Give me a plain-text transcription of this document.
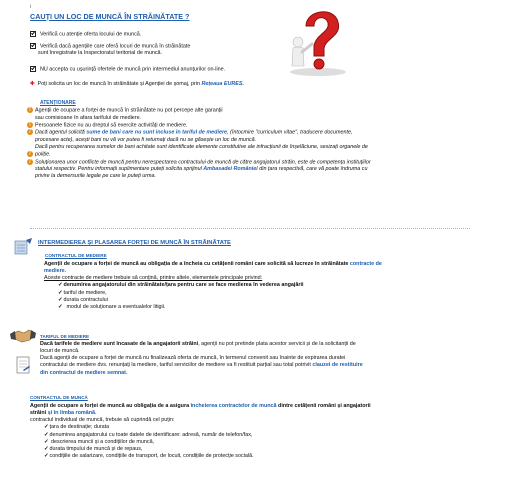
i
CAUȚI UN LOC DE MUNCĂ ÎN STRĂINĂTATE ?
Verifică cu atenție oferta locului de muncă.
Verifică dacă agențiile care oferă locuri de muncă în străinătate
sunt înregistrate la Inspectoratul teritorial de muncă.
NU accepta cu ușurință ofertele de muncă prin intermediul anunțurilor on-line.
✚ Poți solicita un loc de muncă în străinătate și Agenției de șomaj, prin Rețeaua EURES.
ATENȚIONARE
! Agenții de ocupare a forței de muncă în străinătate nu pot percepe alte garanții
sau comisioane în afara tarifului de mediere.
! Persoanele fizice nu au dreptul să exercite activități de mediere.
! Dacă agentul solicită sume de bani care nu sunt incluse în tariful de mediere, (întocmire "curriculum vitae", traducere documente,
procesare acte), acești bani nu vă vor putea fi returnați dacă nu se găsește un loc de muncă.
Dacă pentru recuperarea sumelor de bani achitate sunt identificate elemente constitutive ale infracțiunii de înșelăciune, sesizați organele de
! poliție.
! Soluționarea unor conflicte de muncă pentru nerespectarea contractului de muncă de către angajatorul străin, este de competența instituțiilor
statului respectiv. Pentru informații suplimentare puteți solicita sprijinul Ambasadei României din țara respectivă, care vă poate îndruma cu
privire la demersurile legale pe care le puteți urma.
INTERMEDIEREA ȘI PLASAREA FORȚEI DE MUNCĂ ÎN STRĂINĂTATE
CONTRACTUL DE MEDIERE
Agenții de ocupare a forței de muncă au obligația de a încheia cu cetățenii români care solicită să lucreze în străinătate contracte de
mediere.
Aceste contracte de mediere trebuie să conțină, printre altele, elementele principale privind:
✓denumirea angajatorului din străinătate/țara pentru care se face medierea în vederea angajării
✓tariful de mediere,
✓durata contractului
✓ modul de soluționare a eventualelor litigii.
TARIFUL DE MEDIERE
Dacă tarifele de mediere sunt încasate de la angajatorii străini, agenții nu pot pretinde plata acestor servicii și de la solicitanții de
locuri de muncă.
Dacă agenții de ocupare a forței de muncă nu finalizează oferta de muncă, în termenul convenit sau înainte de expirarea duratei
contractului de mediere dvs. renunțați la mediere, tariful serviciilor de mediere va fi restituit parțial sau total potrivit clauzei de restituire
din contractul de mediere semnat.
CONTRACTUL DE MUNCĂ
Agenții de ocupare a forței de muncă au obligația de a asigura încheierea contractelor de muncă dintre cetățenii români și angajatorii
străini și în limba română.
contractul individual de muncă, trebuie să cuprindă cel puțin:
✓țara de destinație; durata
✓denumirea angajatorului cu toate datele de identificare: adresă, număr de telefon/fax,
✓ descrierea muncii și a condițiilor de muncă,
✓durata timpului de muncă și de repaus,
✓condițiile de salarizare, condițiile de transport, de locuit, condițiile de protecție socială.
